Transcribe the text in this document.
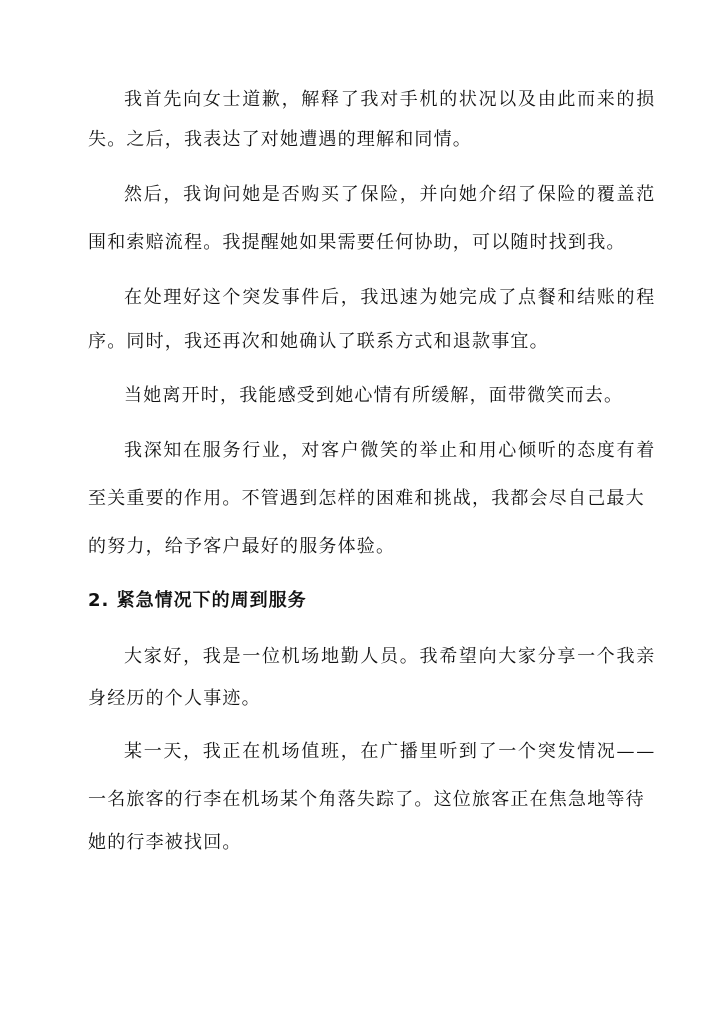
我首先向女士道歉，解释了我对手机的状况以及由此而来的损
失。之后，我表达了对她遭遇的理解和同情。
然后，我询问她是否购买了保险，并向她介绍了保险的覆盖范
围和索赔流程。我提醒她如果需要任何协助，可以随时找到我。
在处理好这个突发事件后，我迅速为她完成了点餐和结账的程
序。同时，我还再次和她确认了联系方式和退款事宜。
当她离开时，我能感受到她心情有所缓解，面带微笑而去。
我深知在服务行业，对客户微笑的举止和用心倾听的态度有着
至关重要的作用。不管遇到怎样的困难和挑战，我都会尽自己最大
的努力，给予客户最好的服务体验。
2. 紧急情况下的周到服务
大家好，我是一位机场地勤人员。我希望向大家分享一个我亲
身经历的个人事迹。
某一天，我正在机场值班，在广播里听到了一个突发情况——
一名旅客的行李在机场某个角落失踪了。这位旅客正在焦急地等待
她的行李被找回。
